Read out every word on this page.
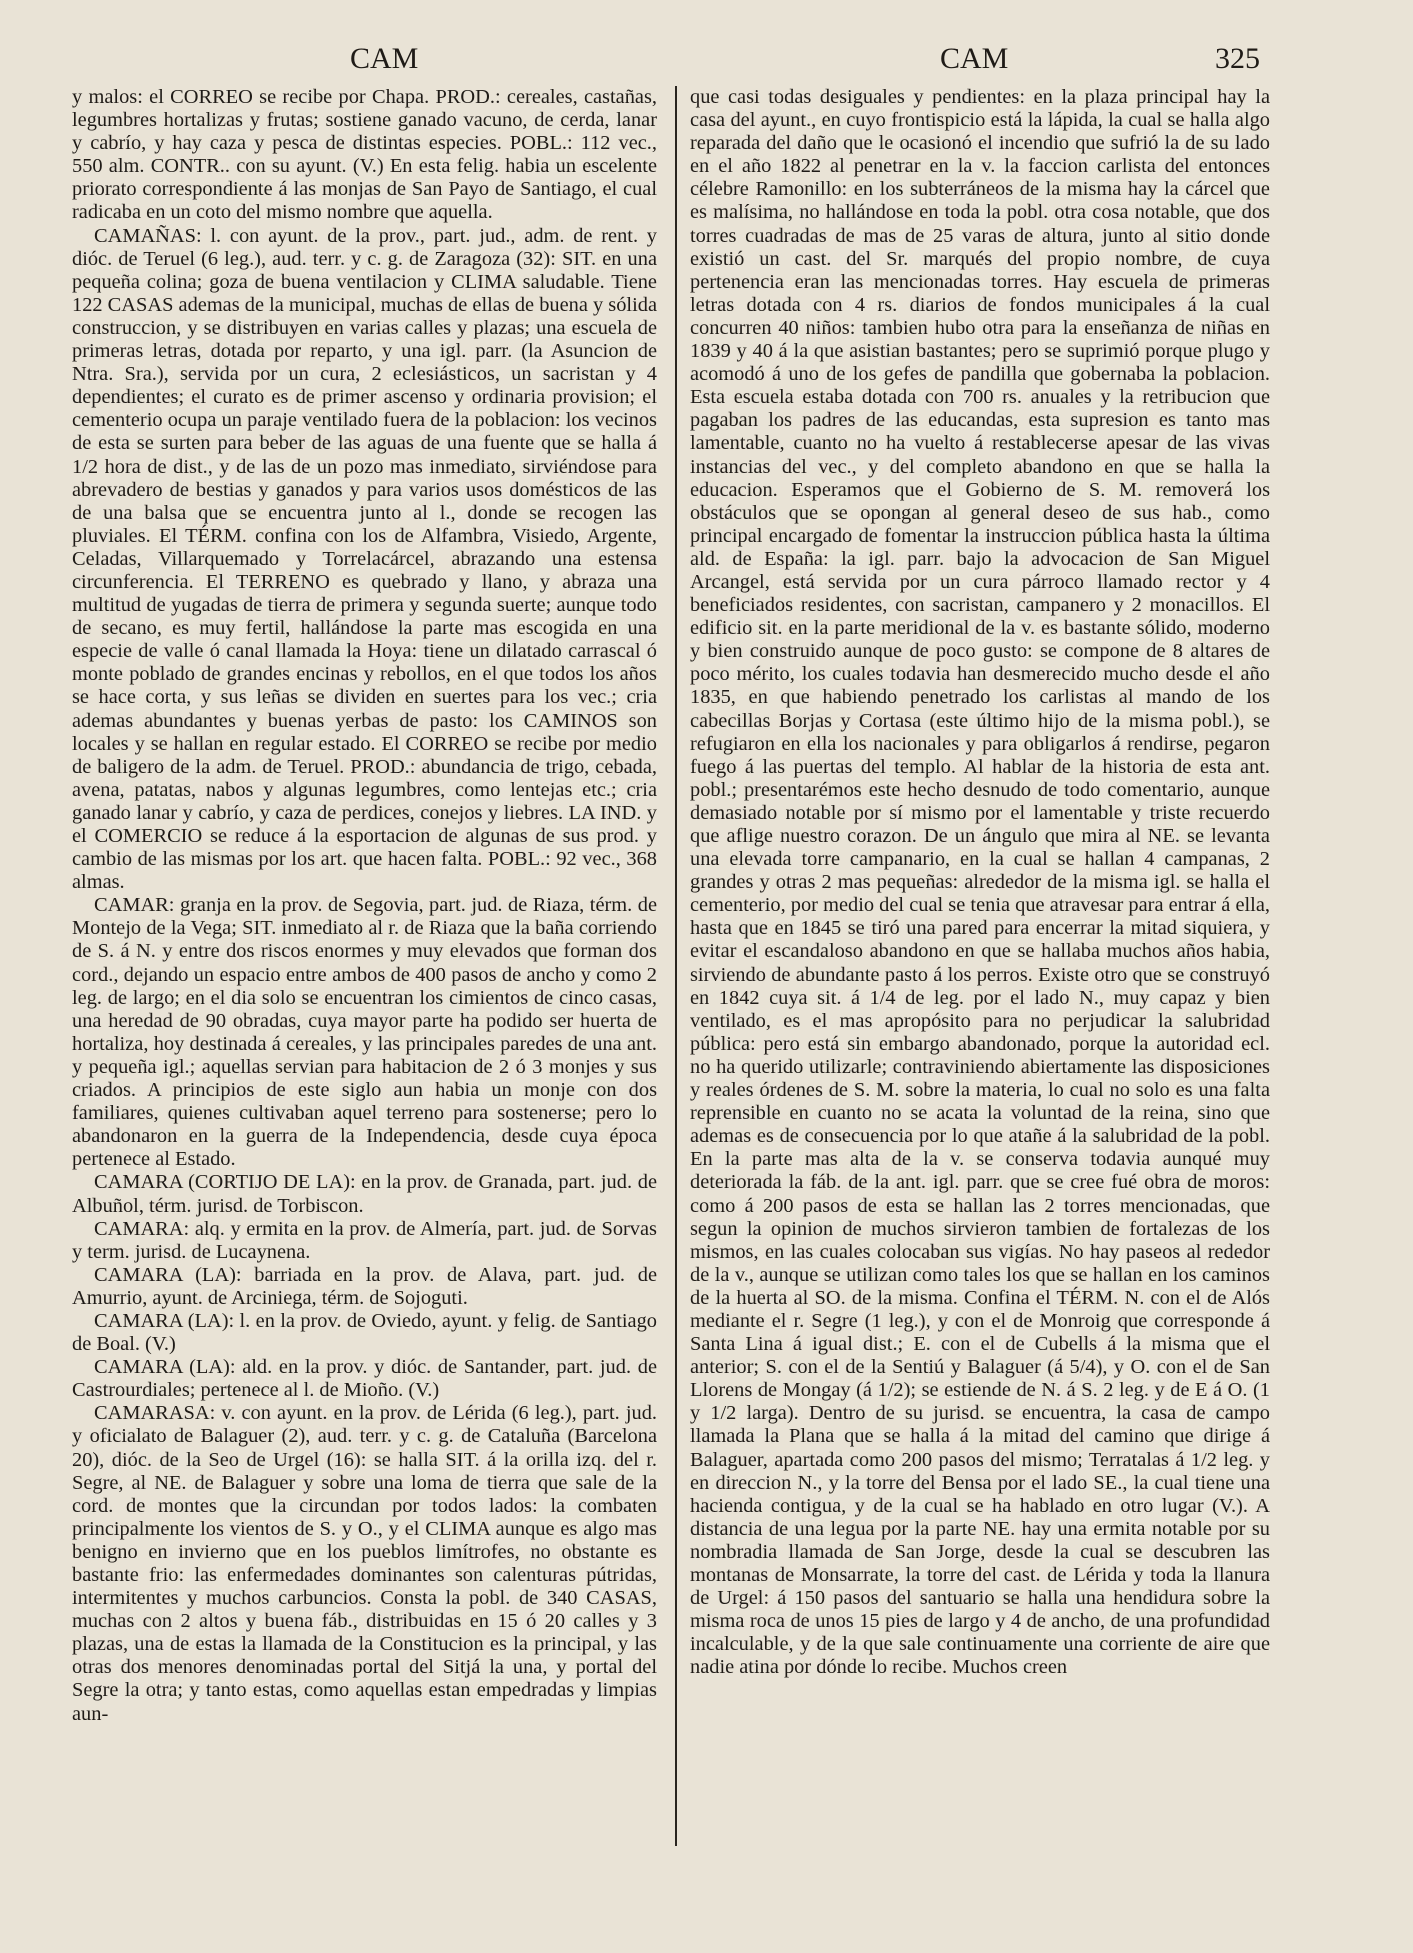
CAM	CAM	325

y malos: el CORREO se recibe por Chapa. PROD.: cereales, castañas, legumbres hortalizas y frutas; sostiene ganado vacuno, de cerda, lanar y cabrío, y hay caza y pesca de distintas especies. POBL.: 112 vec., 550 alm. CONTR.. con su ayunt. (V.) En esta felig. habia un escelente priorato correspondiente á las monjas de San Payo de Santiago, el cual radicaba en un coto del mismo nombre que aquella.

CAMAÑAS: l. con ayunt. de la prov., part. jud., adm. de rent. y dióc. de Teruel (6 leg.), aud. terr. y c. g. de Zaragoza (32): SIT. en una pequeña colina; goza de buena ventilacion y CLIMA saludable. Tiene 122 CASAS ademas de la municipal, muchas de ellas de buena y sólida construccion, y se distribuyen en varias calles y plazas; una escuela de primeras letras, dotada por reparto, y una igl. parr. (la Asuncion de Ntra. Sra.), servida por un cura, 2 eclesiásticos, un sacristan y 4 dependientes; el curato es de primer ascenso y ordinaria provision; el cementerio ocupa un paraje ventilado fuera de la poblacion: los vecinos de esta se surten para beber de las aguas de una fuente que se halla á 1/2 hora de dist., y de las de un pozo mas inmediato, sirviéndose para abrevadero de bestias y ganados y para varios usos domésticos de las de una balsa que se encuentra junto al l., donde se recogen las pluviales. El TÉRM. confina con los de Alfambra, Visiedo, Argente, Celadas, Villarquemado y Torrelacárcel, abrazando una estensa circunferencia. El TERRENO es quebrado y llano, y abraza una multitud de yugadas de tierra de primera y segunda suerte; aunque todo de secano, es muy fertil, hallándose la parte mas escogida en una especie de valle ó canal llamada la Hoya: tiene un dilatado carrascal ó monte poblado de grandes encinas y rebollos, en el que todos los años se hace corta, y sus leñas se dividen en suertes para los vec.; cria ademas abundantes y buenas yerbas de pasto: los CAMINOS son locales y se hallan en regular estado. El CORREO se recibe por medio de baligero de la adm. de Teruel. PROD.: abundancia de trigo, cebada, avena, patatas, nabos y algunas legumbres, como lentejas etc.; cria ganado lanar y cabrío, y caza de perdices, conejos y liebres. LA IND. y el COMERCIO se reduce á la esportacion de algunas de sus prod. y cambio de las mismas por los art. que hacen falta. POBL.: 92 vec., 368 almas.

CAMAR: granja en la prov. de Segovia, part. jud. de Riaza, térm. de Montejo de la Vega; SIT. inmediato al r. de Riaza que la baña corriendo de S. á N. y entre dos riscos enormes y muy elevados que forman dos cord., dejando un espacio entre ambos de 400 pasos de ancho y como 2 leg. de largo; en el dia solo se encuentran los cimientos de cinco casas, una heredad de 90 obradas, cuya mayor parte ha podido ser huerta de hortaliza, hoy destinada á cereales, y las principales paredes de una ant. y pequeña igl.; aquellas servian para habitacion de 2 ó 3 monjes y sus criados. A principios de este siglo aun habia un monje con dos familiares, quienes cultivaban aquel terreno para sostenerse; pero lo abandonaron en la guerra de la Independencia, desde cuya época pertenece al Estado.

CAMARA (CORTIJO DE LA): en la prov. de Granada, part. jud. de Albuñol, térm. jurisd. de Torbiscon.

CAMARA: alq. y ermita en la prov. de Almería, part. jud. de Sorvas y term. jurisd. de Lucaynena.

CAMARA (LA): barriada en la prov. de Alava, part. jud. de Amurrio, ayunt. de Arciniega, térm. de Sojoguti.

CAMARA (LA): l. en la prov. de Oviedo, ayunt. y felig. de Santiago de Boal. (V.)

CAMARA (LA): ald. en la prov. y dióc. de Santander, part. jud. de Castrourdiales; pertenece al l. de Mioño. (V.)

CAMARASA: v. con ayunt. en la prov. de Lérida (6 leg.), part. jud. y oficialato de Balaguer (2), aud. terr. y c. g. de Cataluña (Barcelona 20), dióc. de la Seo de Urgel (16): se halla SIT. á la orilla izq. del r. Segre, al NE. de Balaguer y sobre una loma de tierra que sale de la cord. de montes que la circundan por todos lados: la combaten principalmente los vientos de S. y O., y el CLIMA aunque es algo mas benigno en invierno que en los pueblos limítrofes, no obstante es bastante frio: las enfermedades dominantes son calenturas pútridas, intermitentes y muchos carbuncios. Consta la pobl. de 340 CASAS, muchas con 2 altos y buena fáb., distribuidas en 15 ó 20 calles y 3 plazas, una de estas la llamada de la Constitucion es la principal, y las otras dos menores denominadas portal del Sitjá la una, y portal del Segre la otra; y tanto estas, como aquellas estan empedradas y limpias aun-

que casi todas desiguales y pendientes: en la plaza principal hay la casa del ayunt., en cuyo frontispicio está la lápida, la cual se halla algo reparada del daño que le ocasionó el incendio que sufrió la de su lado en el año 1822 al penetrar en la v. la faccion carlista del entonces célebre Ramonillo: en los subterráneos de la misma hay la cárcel que es malísima, no hallándose en toda la pobl. otra cosa notable, que dos torres cuadradas de mas de 25 varas de altura, junto al sitio donde existió un cast. del Sr. marqués del propio nombre, de cuya pertenencia eran las mencionadas torres. Hay escuela de primeras letras dotada con 4 rs. diarios de fondos municipales á la cual concurren 40 niños: tambien hubo otra para la enseñanza de niñas en 1839 y 40 á la que asistian bastantes; pero se suprimió porque plugo y acomodó á uno de los gefes de pandilla que gobernaba la poblacion. Esta escuela estaba dotada con 700 rs. anuales y la retribucion que pagaban los padres de las educandas, esta supresion es tanto mas lamentable, cuanto no ha vuelto á restablecerse apesar de las vivas instancias del vec., y del completo abandono en que se halla la educacion. Esperamos que el Gobierno de S. M. removerá los obstáculos que se opongan al general deseo de sus hab., como principal encargado de fomentar la instruccion pública hasta la última ald. de España: la igl. parr. bajo la advocacion de San Miguel Arcangel, está servida por un cura párroco llamado rector y 4 beneficiados residentes, con sacristan, campanero y 2 monacillos. El edificio sit. en la parte meridional de la v. es bastante sólido, moderno y bien construido aunque de poco gusto: se compone de 8 altares de poco mérito, los cuales todavia han desmerecido mucho desde el año 1835, en que habiendo penetrado los carlistas al mando de los cabecillas Borjas y Cortasa (este último hijo de la misma pobl.), se refugiaron en ella los nacionales y para obligarlos á rendirse, pegaron fuego á las puertas del templo. Al hablar de la historia de esta ant. pobl.; presentarémos este hecho desnudo de todo comentario, aunque demasiado notable por sí mismo por el lamentable y triste recuerdo que aflige nuestro corazon. De un ángulo que mira al NE. se levanta una elevada torre campanario, en la cual se hallan 4 campanas, 2 grandes y otras 2 mas pequeñas: alrededor de la misma igl. se halla el cementerio, por medio del cual se tenia que atravesar para entrar á ella, hasta que en 1845 se tiró una pared para encerrar la mitad siquiera, y evitar el escandaloso abandono en que se hallaba muchos años habia, sirviendo de abundante pasto á los perros. Existe otro que se construyó en 1842 cuya sit. á 1/4 de leg. por el lado N., muy capaz y bien ventilado, es el mas apropósito para no perjudicar la salubridad pública: pero está sin embargo abandonado, porque la autoridad ecl. no ha querido utilizarle; contraviniendo abiertamente las disposiciones y reales órdenes de S. M. sobre la materia, lo cual no solo es una falta reprensible en cuanto no se acata la voluntad de la reina, sino que ademas es de consecuencia por lo que atañe á la salubridad de la pobl. En la parte mas alta de la v. se conserva todavia aunqué muy deteriorada la fáb. de la ant. igl. parr. que se cree fué obra de moros: como á 200 pasos de esta se hallan las 2 torres mencionadas, que segun la opinion de muchos sirvieron tambien de fortalezas de los mismos, en las cuales colocaban sus vigías. No hay paseos al rededor de la v., aunque se utilizan como tales los que se hallan en los caminos de la huerta al SO. de la misma. Confina el TÉRM. N. con el de Alós mediante el r. Segre (1 leg.), y con el de Monroig que corresponde á Santa Lina á igual dist.; E. con el de Cubells á la misma que el anterior; S. con el de la Sentiú y Balaguer (á 5/4), y O. con el de San Llorens de Mongay (á 1/2); se estiende de N. á S. 2 leg. y de E á O. (1 y 1/2 larga). Dentro de su jurisd. se encuentra, la casa de campo llamada la Plana que se halla á la mitad del camino que dirige á Balaguer, apartada como 200 pasos del mismo; Terratalas á 1/2 leg. y en direccion N., y la torre del Bensa por el lado SE., la cual tiene una hacienda contigua, y de la cual se ha hablado en otro lugar (V.). A distancia de una legua por la parte NE. hay una ermita notable por su nombradia llamada de San Jorge, desde la cual se descubren las montanas de Monsarrate, la torre del cast. de Lérida y toda la llanura de Urgel: á 150 pasos del santuario se halla una hendidura sobre la misma roca de unos 15 pies de largo y 4 de ancho, de una profundidad incalculable, y de la que sale continuamente una corriente de aire que nadie atina por dónde lo recibe. Muchos creen
